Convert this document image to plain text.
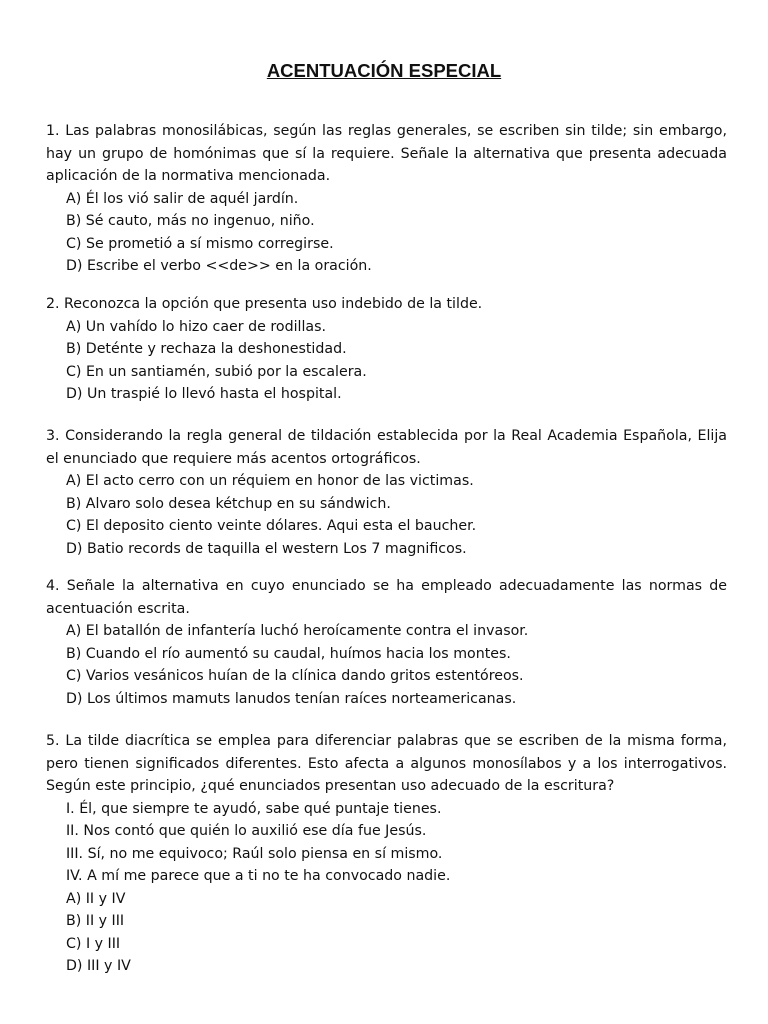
ACENTUACIÓN ESPECIAL

1. Las palabras monosilábicas, según las reglas generales, se escriben sin tilde; sin embargo, hay un grupo de homónimas que sí la requiere. Señale la alternativa que presenta adecuada aplicación de la normativa mencionada.

A) Él los vió salir de aquél jardín.

B) Sé cauto, más no ingenuo, niño.

C) Se prometió a sí mismo corregirse.

D) Escribe el verbo <<de>> en la oración.

2. Reconozca la opción que presenta uso indebido de la tilde.

A) Un vahído lo hizo caer de rodillas.

B) Deténte y rechaza la deshonestidad.

C) En un santiamén, subió por la escalera.

D) Un traspié lo llevó hasta el hospital.

3. Considerando la regla general de tildación establecida por la Real Academia Española, Elija el enunciado que requiere más acentos ortográficos.

A) El acto cerro con un réquiem en honor de las victimas.

B) Alvaro solo desea kétchup en su sándwich.

C) El deposito ciento veinte dólares. Aqui esta el baucher.

D) Batio records de taquilla el western Los 7 magnificos.

4. Señale la alternativa en cuyo enunciado se ha empleado adecuadamente las normas de acentuación escrita.

A) El batallón de infantería luchó heroícamente contra el invasor.

B) Cuando el río aumentó su caudal, huímos hacia los montes.

C) Varios vesánicos huían de la clínica dando gritos estentóreos.

D) Los últimos mamuts lanudos tenían raíces norteamericanas.

5. La tilde diacrítica se emplea para diferenciar palabras que se escriben de la misma forma, pero tienen significados diferentes. Esto afecta a algunos monosílabos y a los interrogativos. Según este principio, ¿qué enunciados presentan uso adecuado de la escritura?

I. Él, que siempre te ayudó, sabe qué puntaje tienes.

II. Nos contó que quién lo auxilió ese día fue Jesús.

III. Sí, no me equivoco; Raúl solo piensa en sí mismo.

IV. A mí me parece que a ti no te ha convocado nadie.

A) II y IV

B) II y III

C) I y III

D) III y IV
